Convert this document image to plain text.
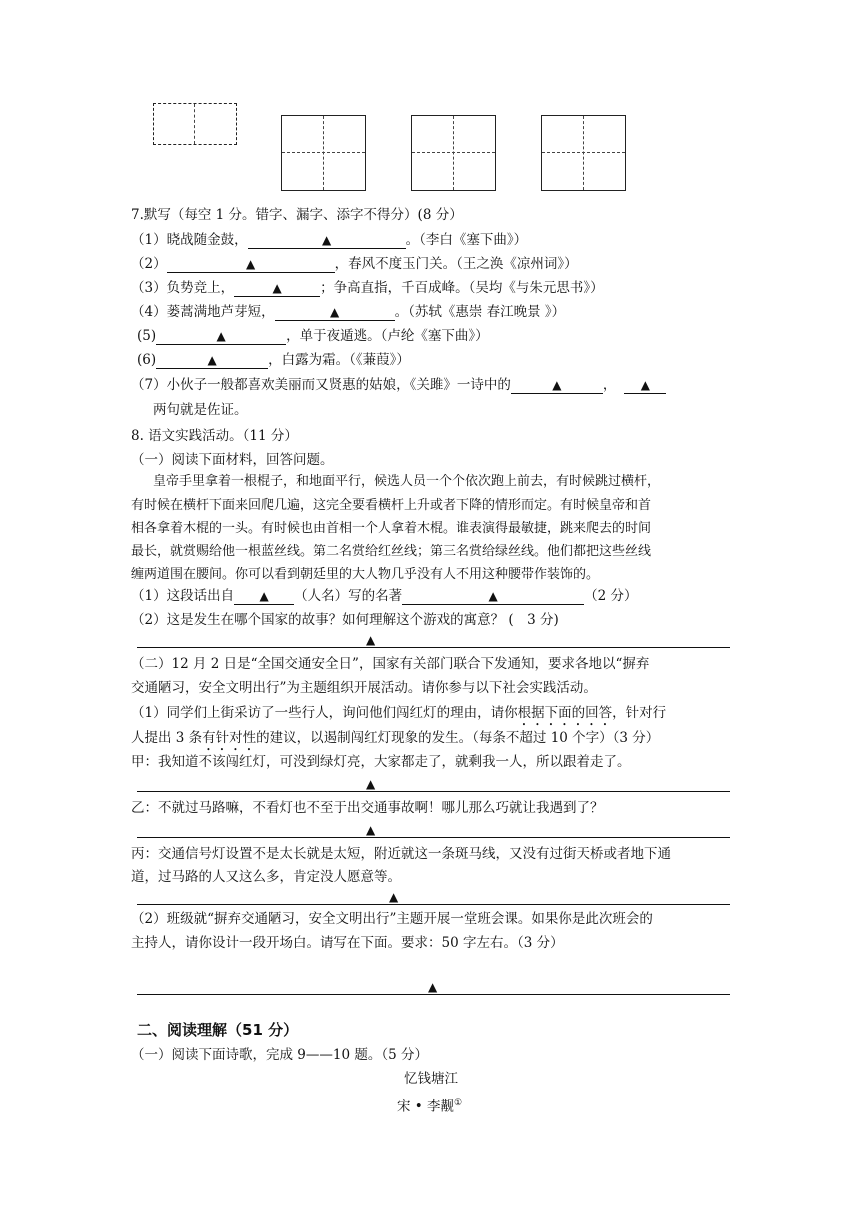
7.默写（每空 1 分。错字、漏字、添字不得分）(8 分）
（1）晓战随金鼓，	▲	。（李白《塞下曲》）
（2）	▲	，春风不度玉门关。（王之涣《凉州词》）
（3）负势竞上，	▲	；争高直指，千百成峰。（吴均《与朱元思书》）
（4）蒌蒿满地芦芽短，	▲	。（苏轼《惠崇 春江晚景 》）
(5)	▲	，单于夜遁逃。（卢纶《塞下曲》）
(6)	▲	，白露为霜。（《蒹葭》）
（7）小伙子一般都喜欢美丽而又贤惠的姑娘，《关雎》一诗中的	▲	， ▲
两句就是佐证。
8. 语文实践活动。（11 分）
（一）阅读下面材料，回答问题。
皇帝手里拿着一根棍子，和地面平行，候选人员一个个依次跑上前去，有时候跳过横杆，
有时候在横杆下面来回爬几遍，这完全要看横杆上升或者下降的情形而定。有时候皇帝和首
相各拿着木棍的一头。有时候也由首相一个人拿着木棍。谁表演得最敏捷，跳来爬去的时间
最长，就赏赐给他一根蓝丝线。第二名赏给红丝线；第三名赏给绿丝线。他们都把这些丝线
缠两道围在腰间。你可以看到朝廷里的大人物几乎没有人不用这种腰带作装饰的。
（1）这段话出自 ▲ （人名）写的名著	▲	（2 分）
（2）这是发生在哪个国家的故事？如何理解这个游戏的寓意？ (　3 分)
▲
（二）12 月 2 日是“全国交通安全日”，国家有关部门联合下发通知，要求各地以“摒弃
交通陋习，安全文明出行”为主题组织开展活动。请你参与以下社会实践活动。
（1）同学们上街采访了一些行人，询问他们闯红灯的理由，请你根据下面的回答，针对行
人提出 3 条有针对性的建议，以遏制闯红灯现象的发生。（每条不超过 10 个字）（3 分）
甲：我知道不该闯红灯，可没到绿灯亮，大家都走了，就剩我一人，所以跟着走了。
▲
乙：不就过马路嘛，不看灯也不至于出交通事故啊！哪儿那么巧就让我遇到了？
▲
丙：交通信号灯设置不是太长就是太短，附近就这一条斑马线，又没有过街天桥或者地下通
道，过马路的人又这么多，肯定没人愿意等。
▲
（2）班级就“摒弃交通陋习，安全文明出行”主题开展一堂班会课。如果你是此次班会的
主持人，请你设计一段开场白。请写在下面。要求：50 字左右。（3 分）
▲
二、阅读理解（51 分）
（一）阅读下面诗歌，完成 9——10 题。（5 分）
忆钱塘江
宋 • 李觏①
